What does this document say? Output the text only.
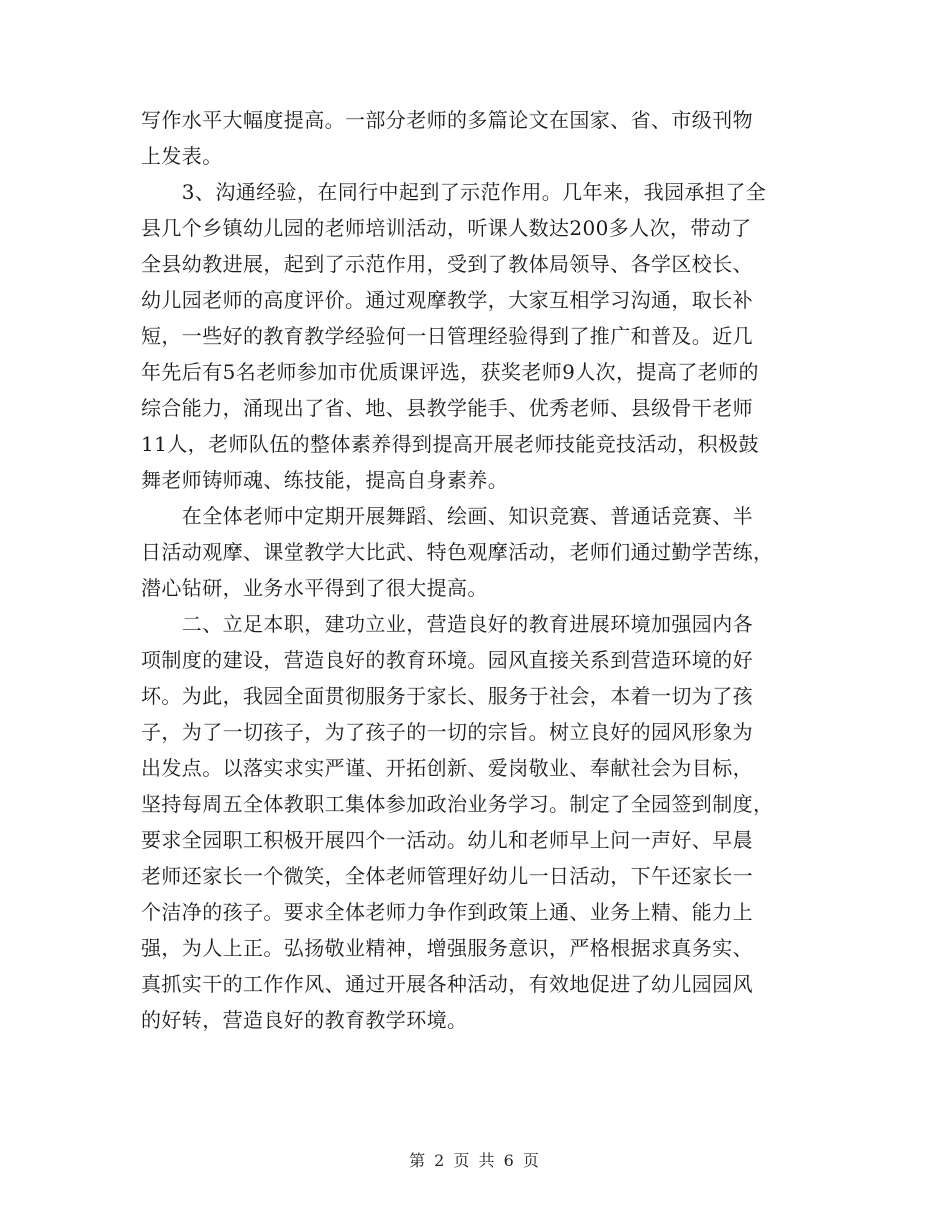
写作水平大幅度提高。一部分老师的多篇论文在国家、省、市级刊物
上发表。
　　3、沟通经验，在同行中起到了示范作用。几年来，我园承担了全
县几个乡镇幼儿园的老师培训活动，听课人数达200多人次，带动了
全县幼教进展，起到了示范作用，受到了教体局领导、各学区校长、
幼儿园老师的高度评价。通过观摩教学，大家互相学习沟通，取长补
短，一些好的教育教学经验何一日管理经验得到了推广和普及。近几
年先后有5名老师参加市优质课评选，获奖老师9人次，提高了老师的
综合能力，涌现出了省、地、县教学能手、优秀老师、县级骨干老师
11人，老师队伍的整体素养得到提高开展老师技能竞技活动，积极鼓
舞老师铸师魂、练技能，提高自身素养。
　　在全体老师中定期开展舞蹈、绘画、知识竞赛、普通话竞赛、半
日活动观摩、课堂教学大比武、特色观摩活动，老师们通过勤学苦练，
潜心钻研，业务水平得到了很大提高。
　　二、立足本职，建功立业，营造良好的教育进展环境加强园内各
项制度的建设，营造良好的教育环境。园风直接关系到营造环境的好
坏。为此，我园全面贯彻服务于家长、服务于社会，本着一切为了孩
子，为了一切孩子，为了孩子的一切的宗旨。树立良好的园风形象为
出发点。以落实求实严谨、开拓创新、爱岗敬业、奉献社会为目标，
坚持每周五全体教职工集体参加政治业务学习。制定了全园签到制度，
要求全园职工积极开展四个一活动。幼儿和老师早上问一声好、早晨
老师还家长一个微笑，全体老师管理好幼儿一日活动，下午还家长一
个洁净的孩子。要求全体老师力争作到政策上通、业务上精、能力上
强，为人上正。弘扬敬业精神，增强服务意识，严格根据求真务实、
真抓实干的工作作风、通过开展各种活动，有效地促进了幼儿园园风
的好转，营造良好的教育教学环境。
第 2 页 共 6 页
